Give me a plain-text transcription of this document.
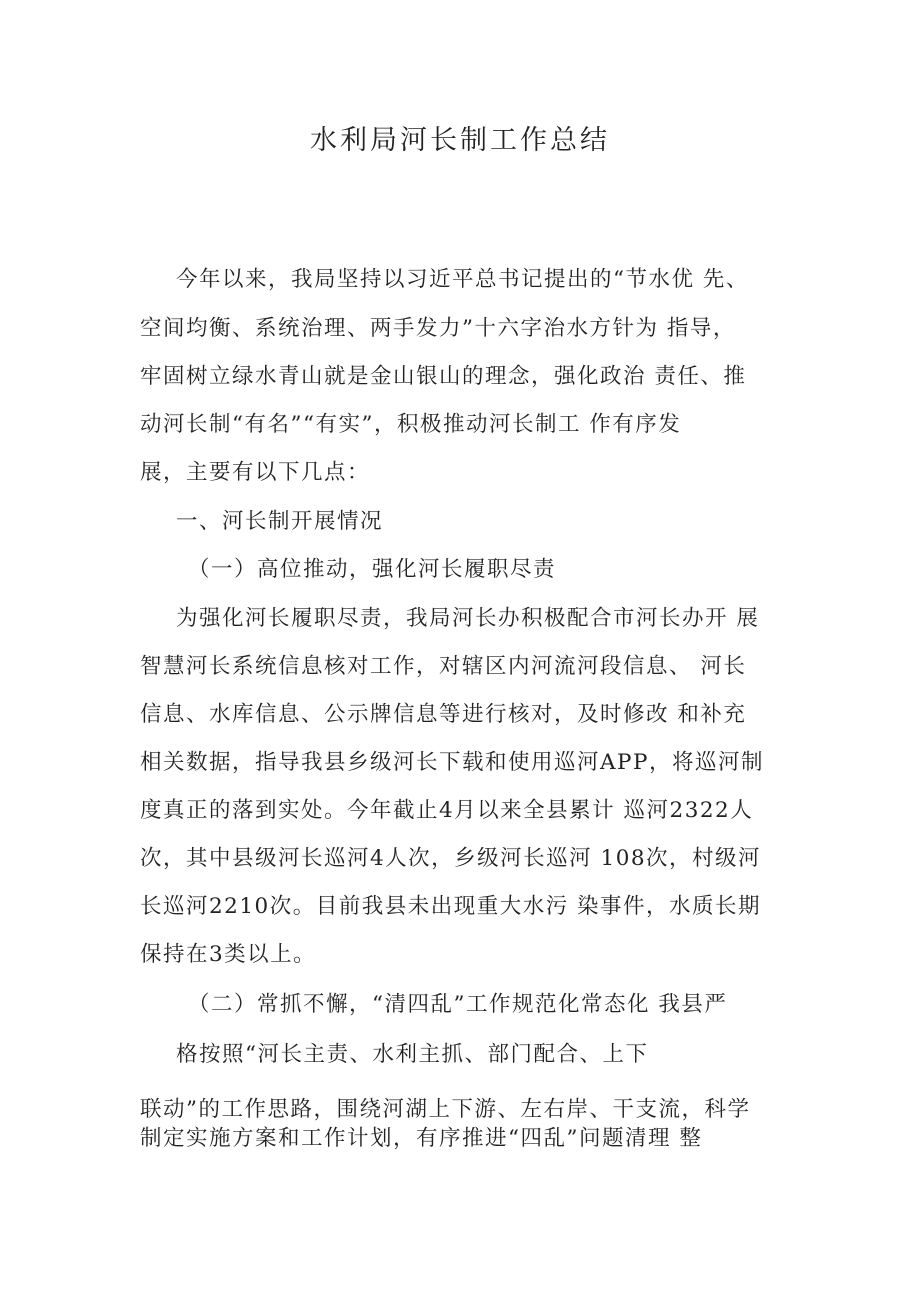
水利局河长制工作总结
今年以来，我局坚持以习近平总书记提出的“节水优 先、
空间均衡、系统治理、两手发力”十六字治水方针为 指导，
牢固树立绿水青山就是金山银山的理念，强化政治 责任、推
动河长制“有名”“有实”，积极推动河长制工 作有序发
展，主要有以下几点：
一、河长制开展情况
（一）高位推动，强化河长履职尽责
为强化河长履职尽责，我局河长办积极配合市河长办开 展
智慧河长系统信息核对工作，对辖区内河流河段信息、 河长
信息、水库信息、公示牌信息等进行核对，及时修改 和补充
相关数据，指导我县乡级河长下载和使用巡河APP，将巡河制
度真正的落到实处。今年截止4月以来全县累计 巡河2322人
次，其中县级河长巡河4人次，乡级河长巡河 108次，村级河
长巡河2210次。目前我县未出现重大水污 染事件，水质长期
保持在3类以上。
（二）常抓不懈，“清四乱”工作规范化常态化 我县严
格按照“河长主责、水利主抓、部门配合、上下
联动”的工作思路，围绕河湖上下游、左右岸、干支流，科学
制定实施方案和工作计划，有序推进“四乱”问题清理 整
